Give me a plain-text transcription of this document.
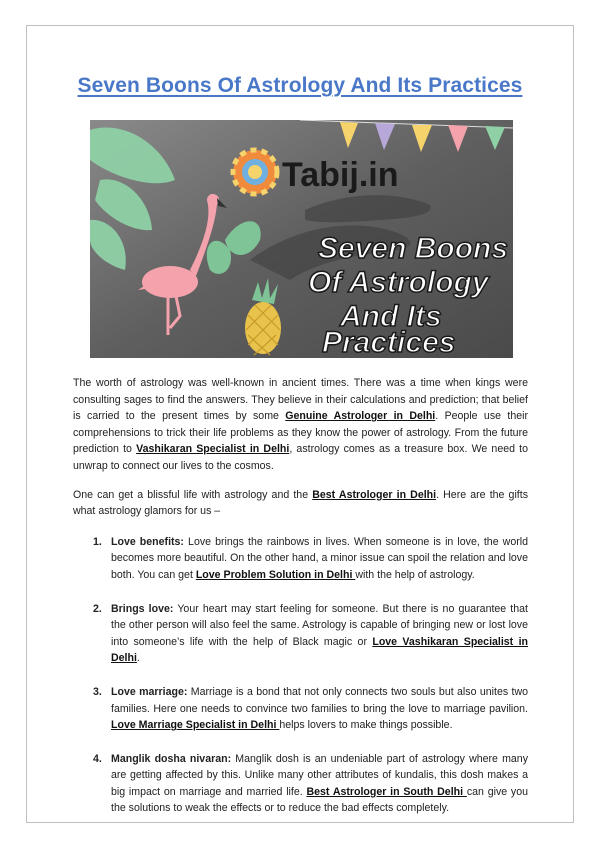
Seven Boons Of Astrology And Its Practices
Tabij.in
Seven Boons
Of Astrology
And Its
Practices

The worth of astrology was well-known in ancient times. There was a time when kings were consulting sages to find the answers. They believe in their calculations and prediction; that belief is carried to the present times by some Genuine Astrologer in Delhi. People use their comprehensions to trick their life problems as they know the power of astrology. From the future prediction to Vashikaran Specialist in Delhi, astrology comes as a treasure box. We need to unwrap to connect our lives to the cosmos.

One can get a blissful life with astrology and the Best Astrologer in Delhi. Here are the gifts what astrology glamors for us –

1. Love benefits: Love brings the rainbows in lives. When someone is in love, the world becomes more beautiful. On the other hand, a minor issue can spoil the relation and love both. You can get Love Problem Solution in Delhi with the help of astrology.
2. Brings love: Your heart may start feeling for someone. But there is no guarantee that the other person will also feel the same. Astrology is capable of bringing new or lost love into someone’s life with the help of Black magic or Love Vashikaran Specialist in Delhi.
3. Love marriage: Marriage is a bond that not only connects two souls but also unites two families. Here one needs to convince two families to bring the love to marriage pavilion. Love Marriage Specialist in Delhi helps lovers to make things possible.
4. Manglik dosha nivaran: Manglik dosh is an undeniable part of astrology where many are getting affected by this. Unlike many other attributes of kundalis, this dosh makes a big impact on marriage and married life. Best Astrologer in South Delhi can give you the solutions to weak the effects or to reduce the bad effects completely.
